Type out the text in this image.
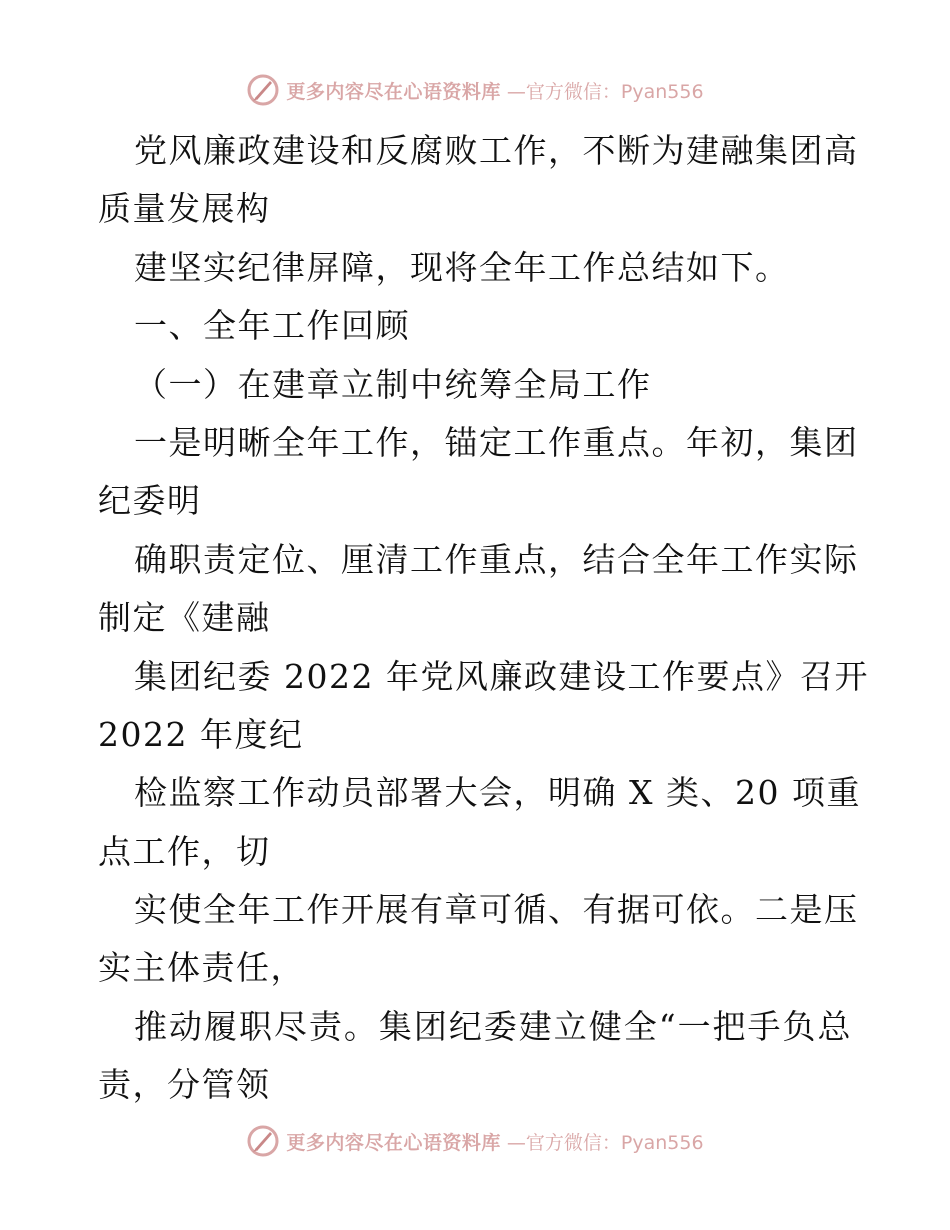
更多内容尽在心语资料库 —官方微信：Pyan556
党风廉政建设和反腐败工作，不断为建融集团高
质量发展构
建坚实纪律屏障，现将全年工作总结如下。
一、全年工作回顾
（一）在建章立制中统筹全局工作
一是明晰全年工作，锚定工作重点。年初，集团
纪委明
确职责定位、厘清工作重点，结合全年工作实际
制定《建融
集团纪委 2022 年党风廉政建设工作要点》召开
2022 年度纪
检监察工作动员部署大会，明确 X 类、20 项重
点工作，切
实使全年工作开展有章可循、有据可依。二是压
实主体责任，
推动履职尽责。集团纪委建立健全“一把手负总
责，分管领
更多内容尽在心语资料库 —官方微信：Pyan556
